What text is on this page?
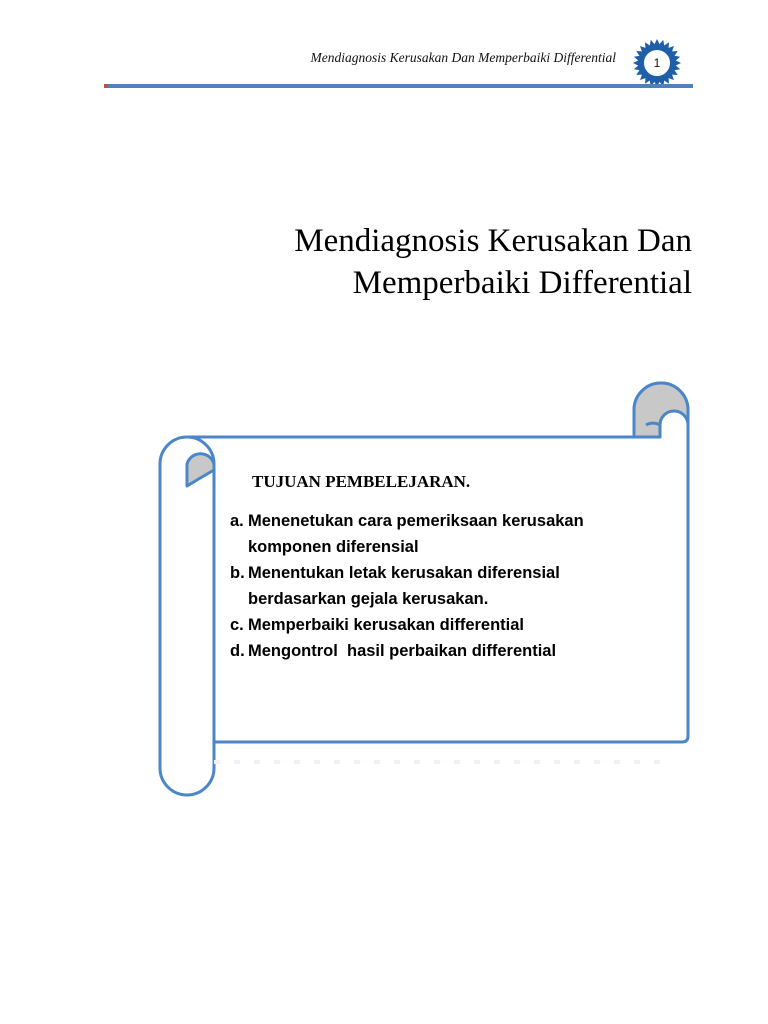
Mendiagnosis Kerusakan Dan Memperbaiki Differential	1
Mendiagnosis Kerusakan Dan
Memperbaiki Differential
TUJUAN PEMBELEJARAN.
a. Menenetukan cara pemeriksaan kerusakan
komponen diferensial
b. Menentukan letak kerusakan diferensial
berdasarkan gejala kerusakan.
c. Memperbaiki kerusakan differential
d. Mengontrol  hasil perbaikan differential
